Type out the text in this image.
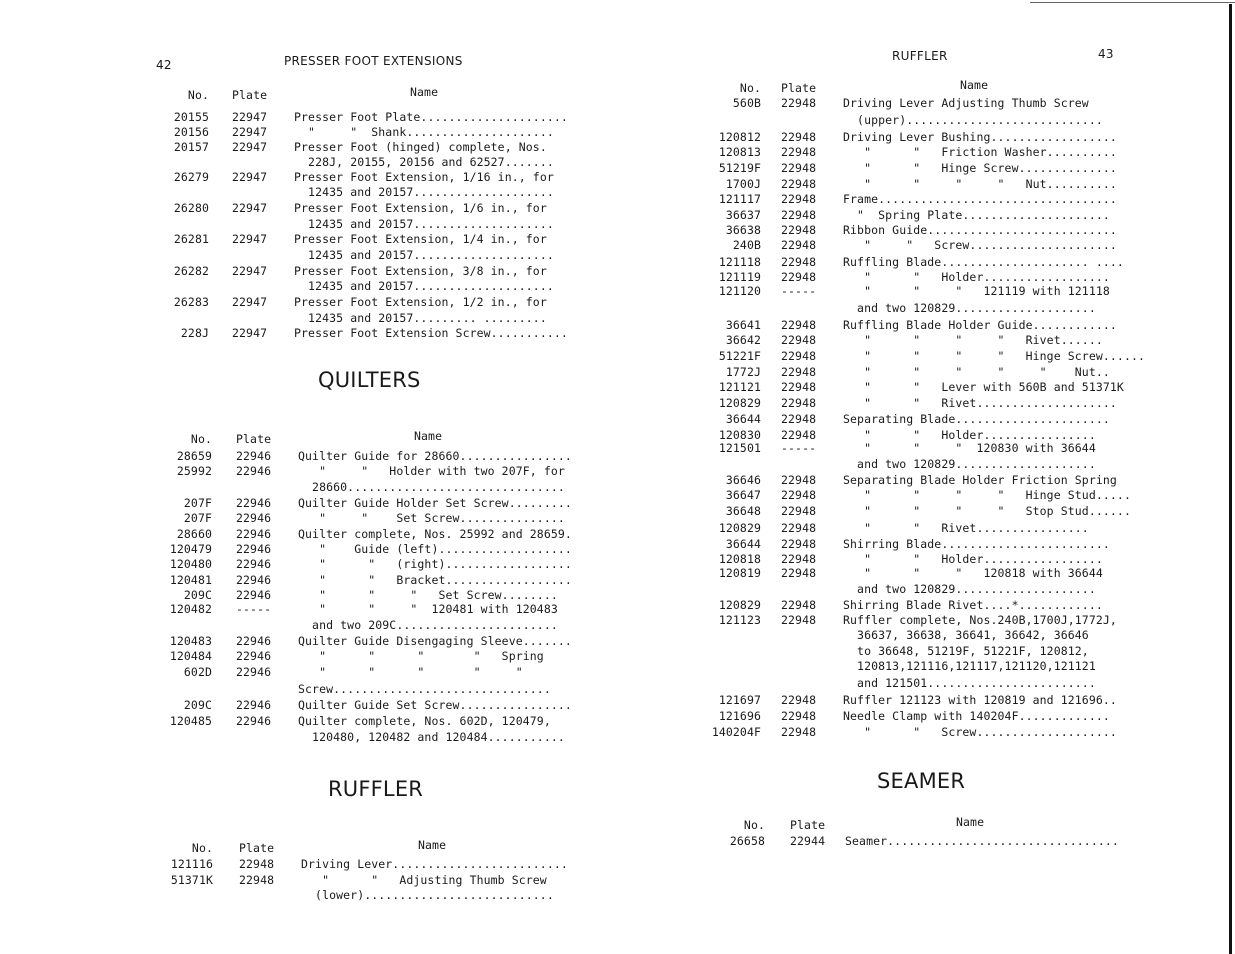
42	PRESSER FOOT EXTENSIONS
QUILTERS
RUFFLER
RUFFLER	43
SEAMER
No. Plate	Name
20155 22947 Presser Foot Plate.....................
20156 22947 "     "  Shank.....................
20157 22947 Presser Foot (hinged) complete, Nos.
228J, 20155, 20156 and 62527.......
26279 22947 Presser Foot Extension, 1/16 in., for
12435 and 20157....................
26280 22947 Presser Foot Extension, 1/6 in., for
12435 and 20157....................
26281 22947 Presser Foot Extension, 1/4 in., for
12435 and 20157....................
26282 22947 Presser Foot Extension, 3/8 in., for
12435 and 20157....................
26283 22947 Presser Foot Extension, 1/2 in., for
12435 and 20157......... .........
228J 22947 Presser Foot Extension Screw...........
No. Plate	Name
28659 22946 Quilter Guide for 28660................
25992 22946 "     "   Holder with two 207F, for
28660...............................
207F 22946 Quilter Guide Holder Set Screw.........
207F 22946 "     "    Set Screw...............
28660 22946 Quilter complete, Nos. 25992 and 28659.
120479 22946 "    Guide (left)...................
120480 22946 "      "   (right)..................
120481 22946 "      "   Bracket..................
209C 22946 "      "     "   Set Screw........
120482 ----- "      "     "  120481 with 120483
and two 209C.......................
120483 22946 Quilter Guide Disengaging Sleeve.......
120484 22946 "      "      "       "   Spring
602D 22946 "      "      "       "     "
Screw...............................
209C 22946 Quilter Guide Set Screw................
120485 22946 Quilter complete, Nos. 602D, 120479,
120480, 120482 and 120484...........
No. Plate	Name
121116 22948 Driving Lever.........................
51371K 22948 "      "   Adjusting Thumb Screw
(lower)...........................
No. Plate	Name
560B 22948 Driving Lever Adjusting Thumb Screw
(upper)............................
120812 22948 Driving Lever Bushing..................
120813 22948 "      "   Friction Washer..........
51219F 22948 "      "   Hinge Screw..............
1700J 22948 "      "     "     "   Nut..........
121117 22948 Frame..................................
36637 22948 "  Spring Plate.....................
36638 22948 Ribbon Guide...........................
240B 22948 "     "   Screw.....................
121118 22948 Ruffling Blade..................... ....
121119 22948 "      "   Holder..................
121120 ----- "      "     "   121119 with 121118
and two 120829....................
36641 22948 Ruffling Blade Holder Guide............
36642 22948 "      "     "     "   Rivet......
51221F 22948 "      "     "     "   Hinge Screw......
1772J 22948 "      "     "     "     "    Nut..
121121 22948 "      "   Lever with 560B and 51371K
120829 22948 "      "   Rivet....................
36644 22948 Separating Blade......................
120830 22948 "      "   Holder................
121501 ----- "      "     "  120830 with 36644
and two 120829....................
36646 22948 Separating Blade Holder Friction Spring
36647 22948 "      "     "     "   Hinge Stud.....
36648 22948 "      "     "     "   Stop Stud......
120829 22948 "      "   Rivet................
36644 22948 Shirring Blade........................
120818 22948 "      "   Holder.................
120819 22948 "      "     "   120818 with 36644
and two 120829....................
120829 22948 Shirring Blade Rivet....*............
121123 22948 Ruffler complete, Nos.240B,1700J,1772J,
36637, 36638, 36641, 36642, 36646
to 36648, 51219F, 51221F, 120812,
120813,121116,121117,121120,121121
and 121501........................
121697 22948 Ruffler 121123 with 120819 and 121696..
121696 22948 Needle Clamp with 140204F.............
140204F 22948 "      "   Screw....................
No. Plate	Name
26658 22944 Seamer.................................
